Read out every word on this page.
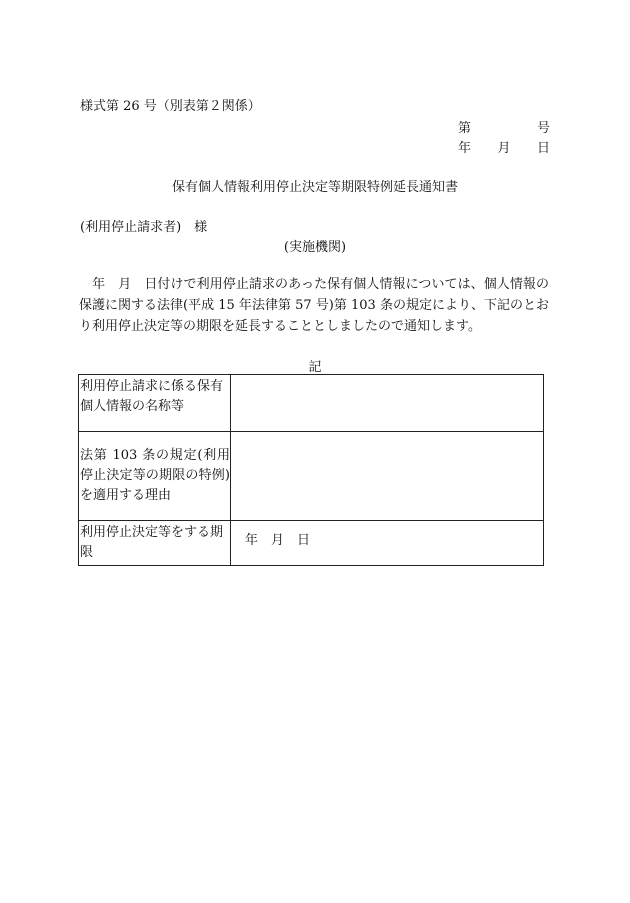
様式第 26 号（別表第２関係）
第	号
年 月 日
保有個人情報利用停止決定等期限特例延長通知書
(利用停止請求者)　様
(実施機関)
　年　月　日付けで利用停止請求のあった保有個人情報については、個人情報の保護に関する法律(平成 15 年法律第 57 号)第 103 条の規定により、下記のとおり利用停止決定等の期限を延長することとしましたので通知します。
記
利用停止請求に係る保有個人情報の名称等	
法第 103 条の規定(利用停止決定等の期限の特例)を適用する理由	
利用停止決定等をする期限	年　月　日
